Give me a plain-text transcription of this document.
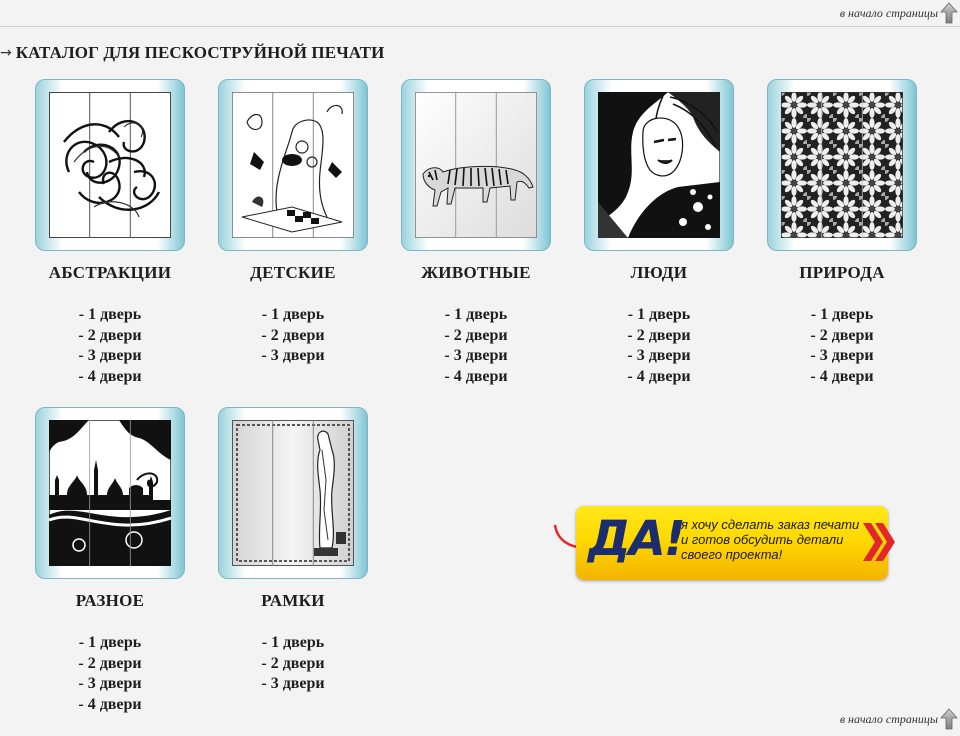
в начало страницы
→ КАТАЛОГ ДЛЯ ПЕСКОСТРУЙНОЙ ПЕЧАТИ
АБСТРАКЦИИ
- 1 дверь
- 2 двери
- 3 двери
- 4 двери
ДЕТСКИЕ
- 1 дверь
- 2 двери
- 3 двери
ЖИВОТНЫЕ
- 1 дверь
- 2 двери
- 3 двери
- 4 двери
ЛЮДИ
- 1 дверь
- 2 двери
- 3 двери
- 4 двери
ПРИРОДА
- 1 дверь
- 2 двери
- 3 двери
- 4 двери
РАЗНОЕ
- 1 дверь
- 2 двери
- 3 двери
- 4 двери
РАМКИ
- 1 дверь
- 2 двери
- 3 двери
ДА!
я хочу сделать заказ печати и готов обсудить детали своего проекта!
в начало страницы
